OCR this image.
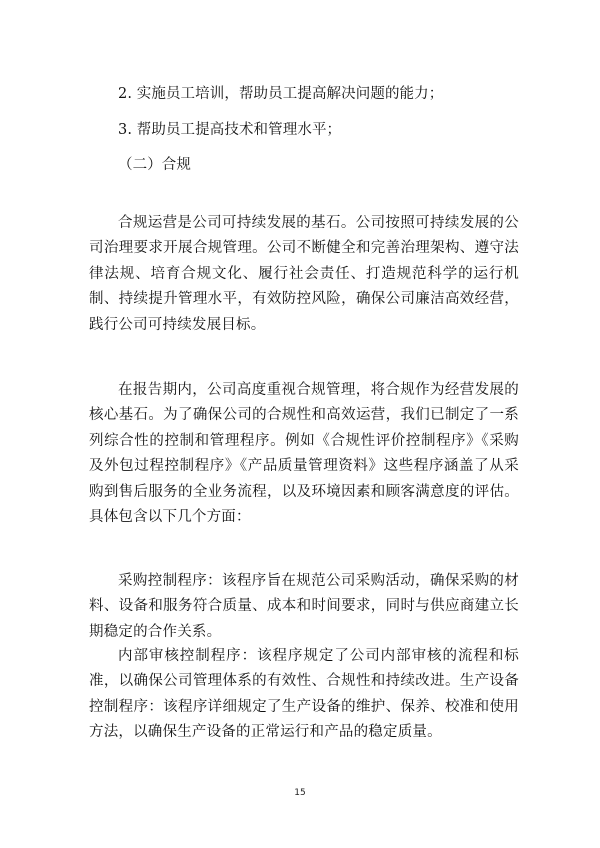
2. 实施员工培训，帮助员工提高解决问题的能力；
3. 帮助员工提高技术和管理水平；
（二）合规

合规运营是公司可持续发展的基石。公司按照可持续发展的公司治理要求开展合规管理。公司不断健全和完善治理架构、遵守法律法规、培育合规文化、履行社会责任、打造规范科学的运行机制、持续提升管理水平，有效防控风险，确保公司廉洁高效经营，践行公司可持续发展目标。

在报告期内，公司高度重视合规管理，将合规作为经营发展的核心基石。为了确保公司的合规性和高效运营，我们已制定了一系列综合性的控制和管理程序。例如《合规性评价控制程序》《采购及外包过程控制程序》《产品质量管理资料》这些程序涵盖了从采购到售后服务的全业务流程，以及环境因素和顾客满意度的评估。具体包含以下几个方面：

采购控制程序：该程序旨在规范公司采购活动，确保采购的材料、设备和服务符合质量、成本和时间要求，同时与供应商建立长期稳定的合作关系。

内部审核控制程序：该程序规定了公司内部审核的流程和标准，以确保公司管理体系的有效性、合规性和持续改进。生产设备控制程序：该程序详细规定了生产设备的维护、保养、校准和使用方法，以确保生产设备的正常运行和产品的稳定质量。

15
